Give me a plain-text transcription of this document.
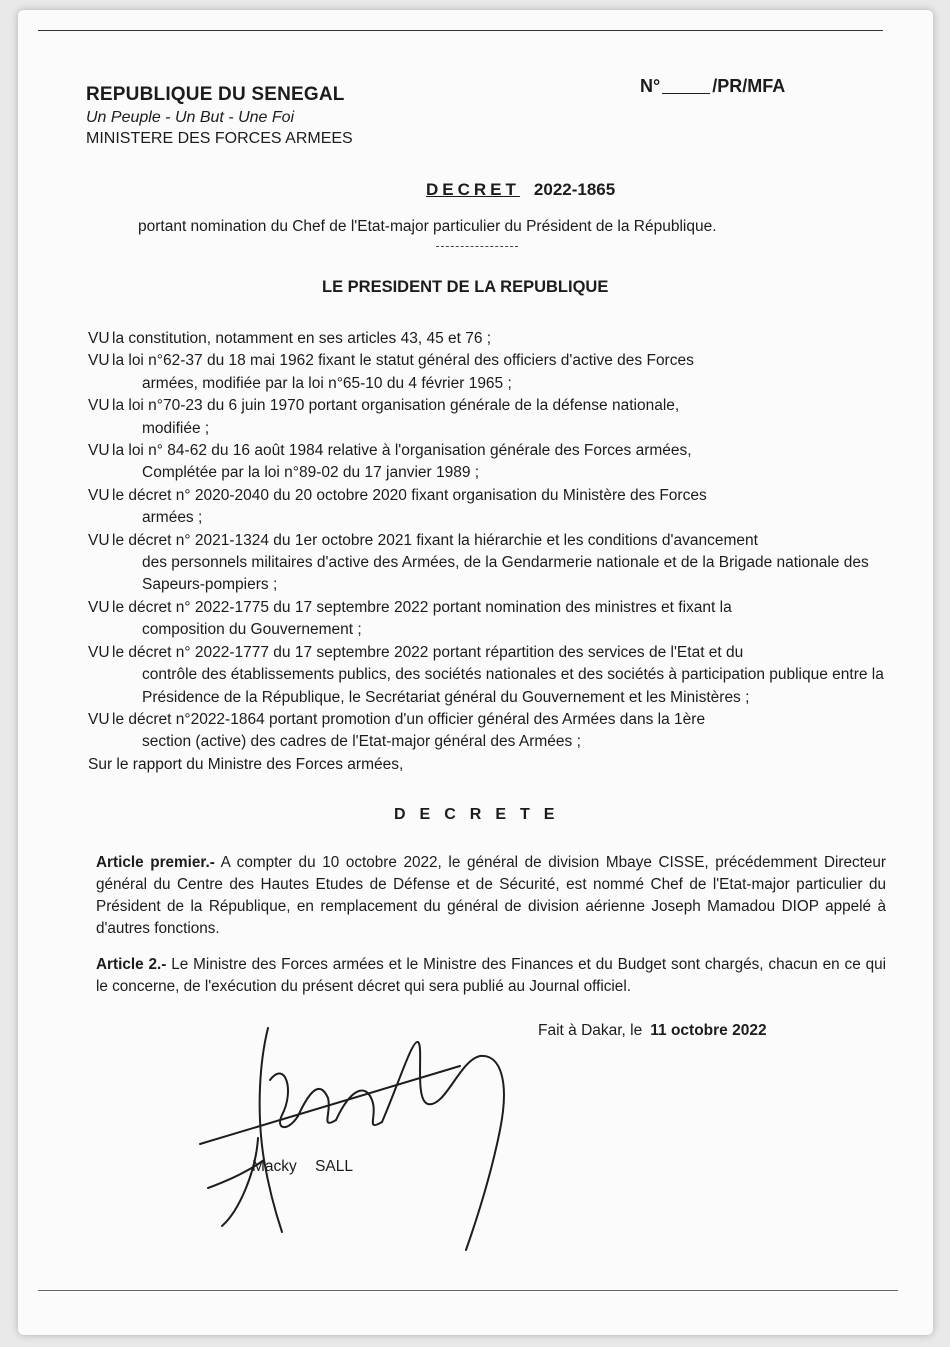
REPUBLIQUE DU SENEGAL
Un Peuple - Un But - Une Foi
MINISTERE DES FORCES ARMEES
N°	/PR/MFA
DECRET 2022-1865
portant nomination du Chef de l'Etat-major particulier du Président de la République.
LE PRESIDENT DE LA REPUBLIQUE
VU la constitution, notamment en ses articles 43, 45 et 76 ;
VU la loi n°62-37 du 18 mai 1962 fixant le statut général des officiers d'active des Forces
armées, modifiée par la loi n°65-10 du 4 février 1965 ;
VU la loi n°70-23 du 6 juin 1970 portant organisation générale de la défense nationale,
modifiée ;
VU la loi n° 84-62 du 16 août 1984 relative à l'organisation générale des Forces armées,
Complétée par la loi n°89-02 du 17 janvier 1989 ;
VU le décret n° 2020-2040 du 20 octobre 2020 fixant organisation du Ministère des Forces
armées ;
VU le décret n° 2021-1324 du 1er octobre 2021 fixant la hiérarchie et les conditions d'avancement
des personnels militaires d'active des Armées, de la Gendarmerie nationale et de la Brigade nationale des Sapeurs-pompiers ;
VU le décret n° 2022-1775 du 17 septembre 2022 portant nomination des ministres et fixant la
composition du Gouvernement ;
VU le décret n° 2022-1777 du 17 septembre 2022 portant répartition des services de l'Etat et du
contrôle des établissements publics, des sociétés nationales et des sociétés à participation publique entre la Présidence de la République, le Secrétariat général du Gouvernement et les Ministères ;
VU le décret n°2022-1864 portant promotion d'un officier général des Armées dans la 1ère
section (active) des cadres de l'Etat-major général des Armées ;
Sur le rapport du Ministre des Forces armées,
DECRETE
Article premier.- A compter du 10 octobre 2022, le général de division Mbaye CISSE, précédemment Directeur général du Centre des Hautes Etudes de Défense et de Sécurité, est nommé Chef de l'Etat-major particulier du Président de la République, en remplacement du général de division aérienne Joseph Mamadou DIOP appelé à d'autres fonctions.
Article 2.- Le Ministre des Forces armées et le Ministre des Finances et du Budget sont chargés, chacun en ce qui le concerne, de l'exécution du présent décret qui sera publié au Journal officiel.
Fait à Dakar, le 11 octobre 2022
Macky SALL
